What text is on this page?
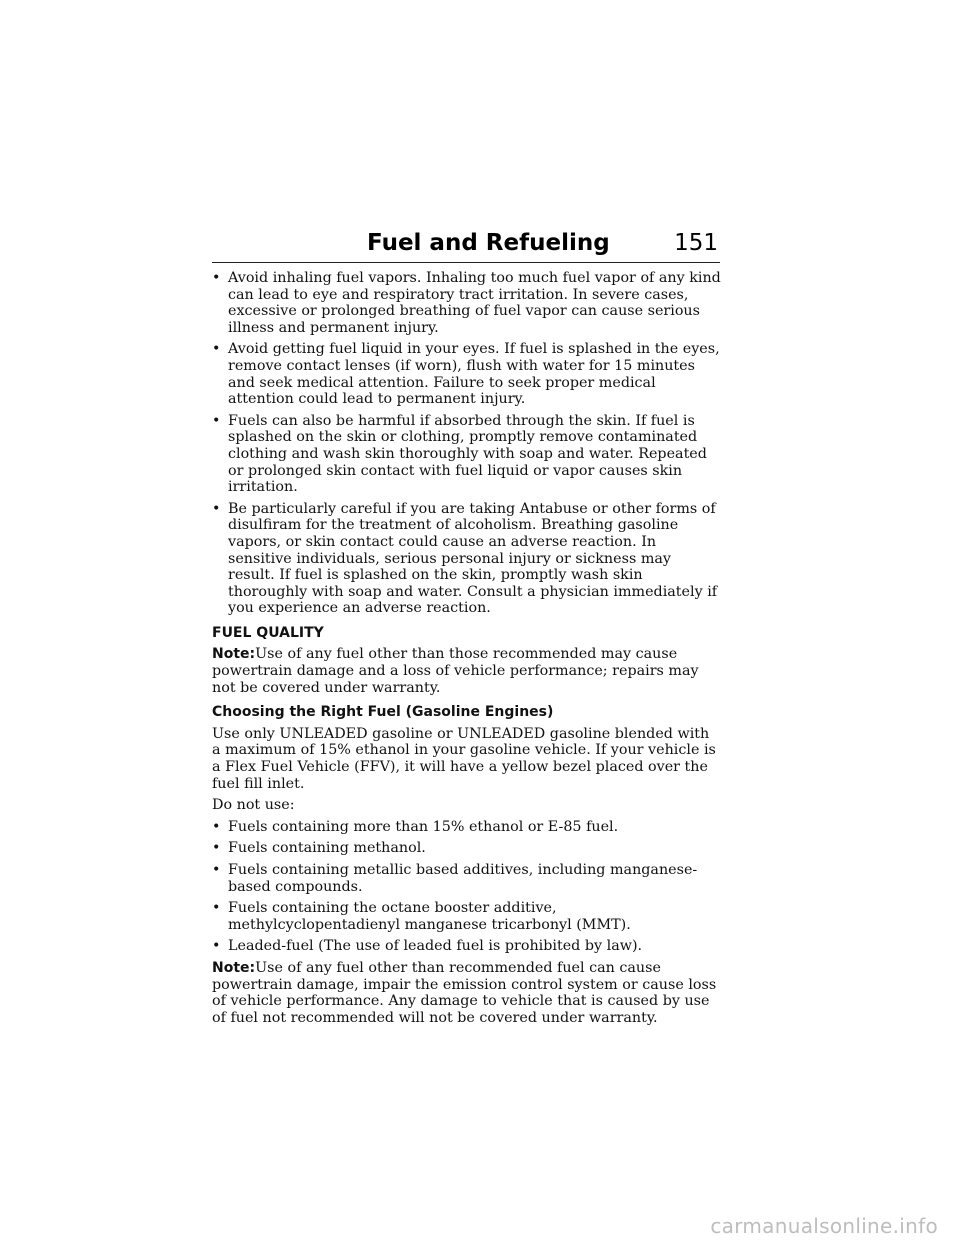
Fuel and Refueling	151
• Avoid inhaling fuel vapors. Inhaling too much fuel vapor of any kind can lead to eye and respiratory tract irritation. In severe cases, excessive or prolonged breathing of fuel vapor can cause serious illness and permanent injury.
• Avoid getting fuel liquid in your eyes. If fuel is splashed in the eyes, remove contact lenses (if worn), flush with water for 15 minutes and seek medical attention. Failure to seek proper medical attention could lead to permanent injury.
• Fuels can also be harmful if absorbed through the skin. If fuel is splashed on the skin or clothing, promptly remove contaminated clothing and wash skin thoroughly with soap and water. Repeated or prolonged skin contact with fuel liquid or vapor causes skin irritation.
• Be particularly careful if you are taking Antabuse or other forms of disulfiram for the treatment of alcoholism. Breathing gasoline vapors, or skin contact could cause an adverse reaction. In sensitive individuals, serious personal injury or sickness may result. If fuel is splashed on the skin, promptly wash skin thoroughly with soap and water. Consult a physician immediately if you experience an adverse reaction.
FUEL QUALITY

Note:Use of any fuel other than those recommended may cause powertrain damage and a loss of vehicle performance; repairs may not be covered under warranty.

Choosing the Right Fuel (Gasoline Engines)

Use only UNLEADED gasoline or UNLEADED gasoline blended with a maximum of 15% ethanol in your gasoline vehicle. If your vehicle is a Flex Fuel Vehicle (FFV), it will have a yellow bezel placed over the fuel fill inlet.

Do not use:

• Fuels containing more than 15% ethanol or E-85 fuel.
• Fuels containing methanol.
• Fuels containing metallic based additives, including manganese-based compounds.
• Fuels containing the octane booster additive, methylcyclopentadienyl manganese tricarbonyl (MMT).
• Leaded-fuel (The use of leaded fuel is prohibited by law).

Note:Use of any fuel other than recommended fuel can cause powertrain damage, impair the emission control system or cause loss of vehicle performance. Any damage to vehicle that is caused by use of fuel not recommended will not be covered under warranty.

carmanualsonline.info
